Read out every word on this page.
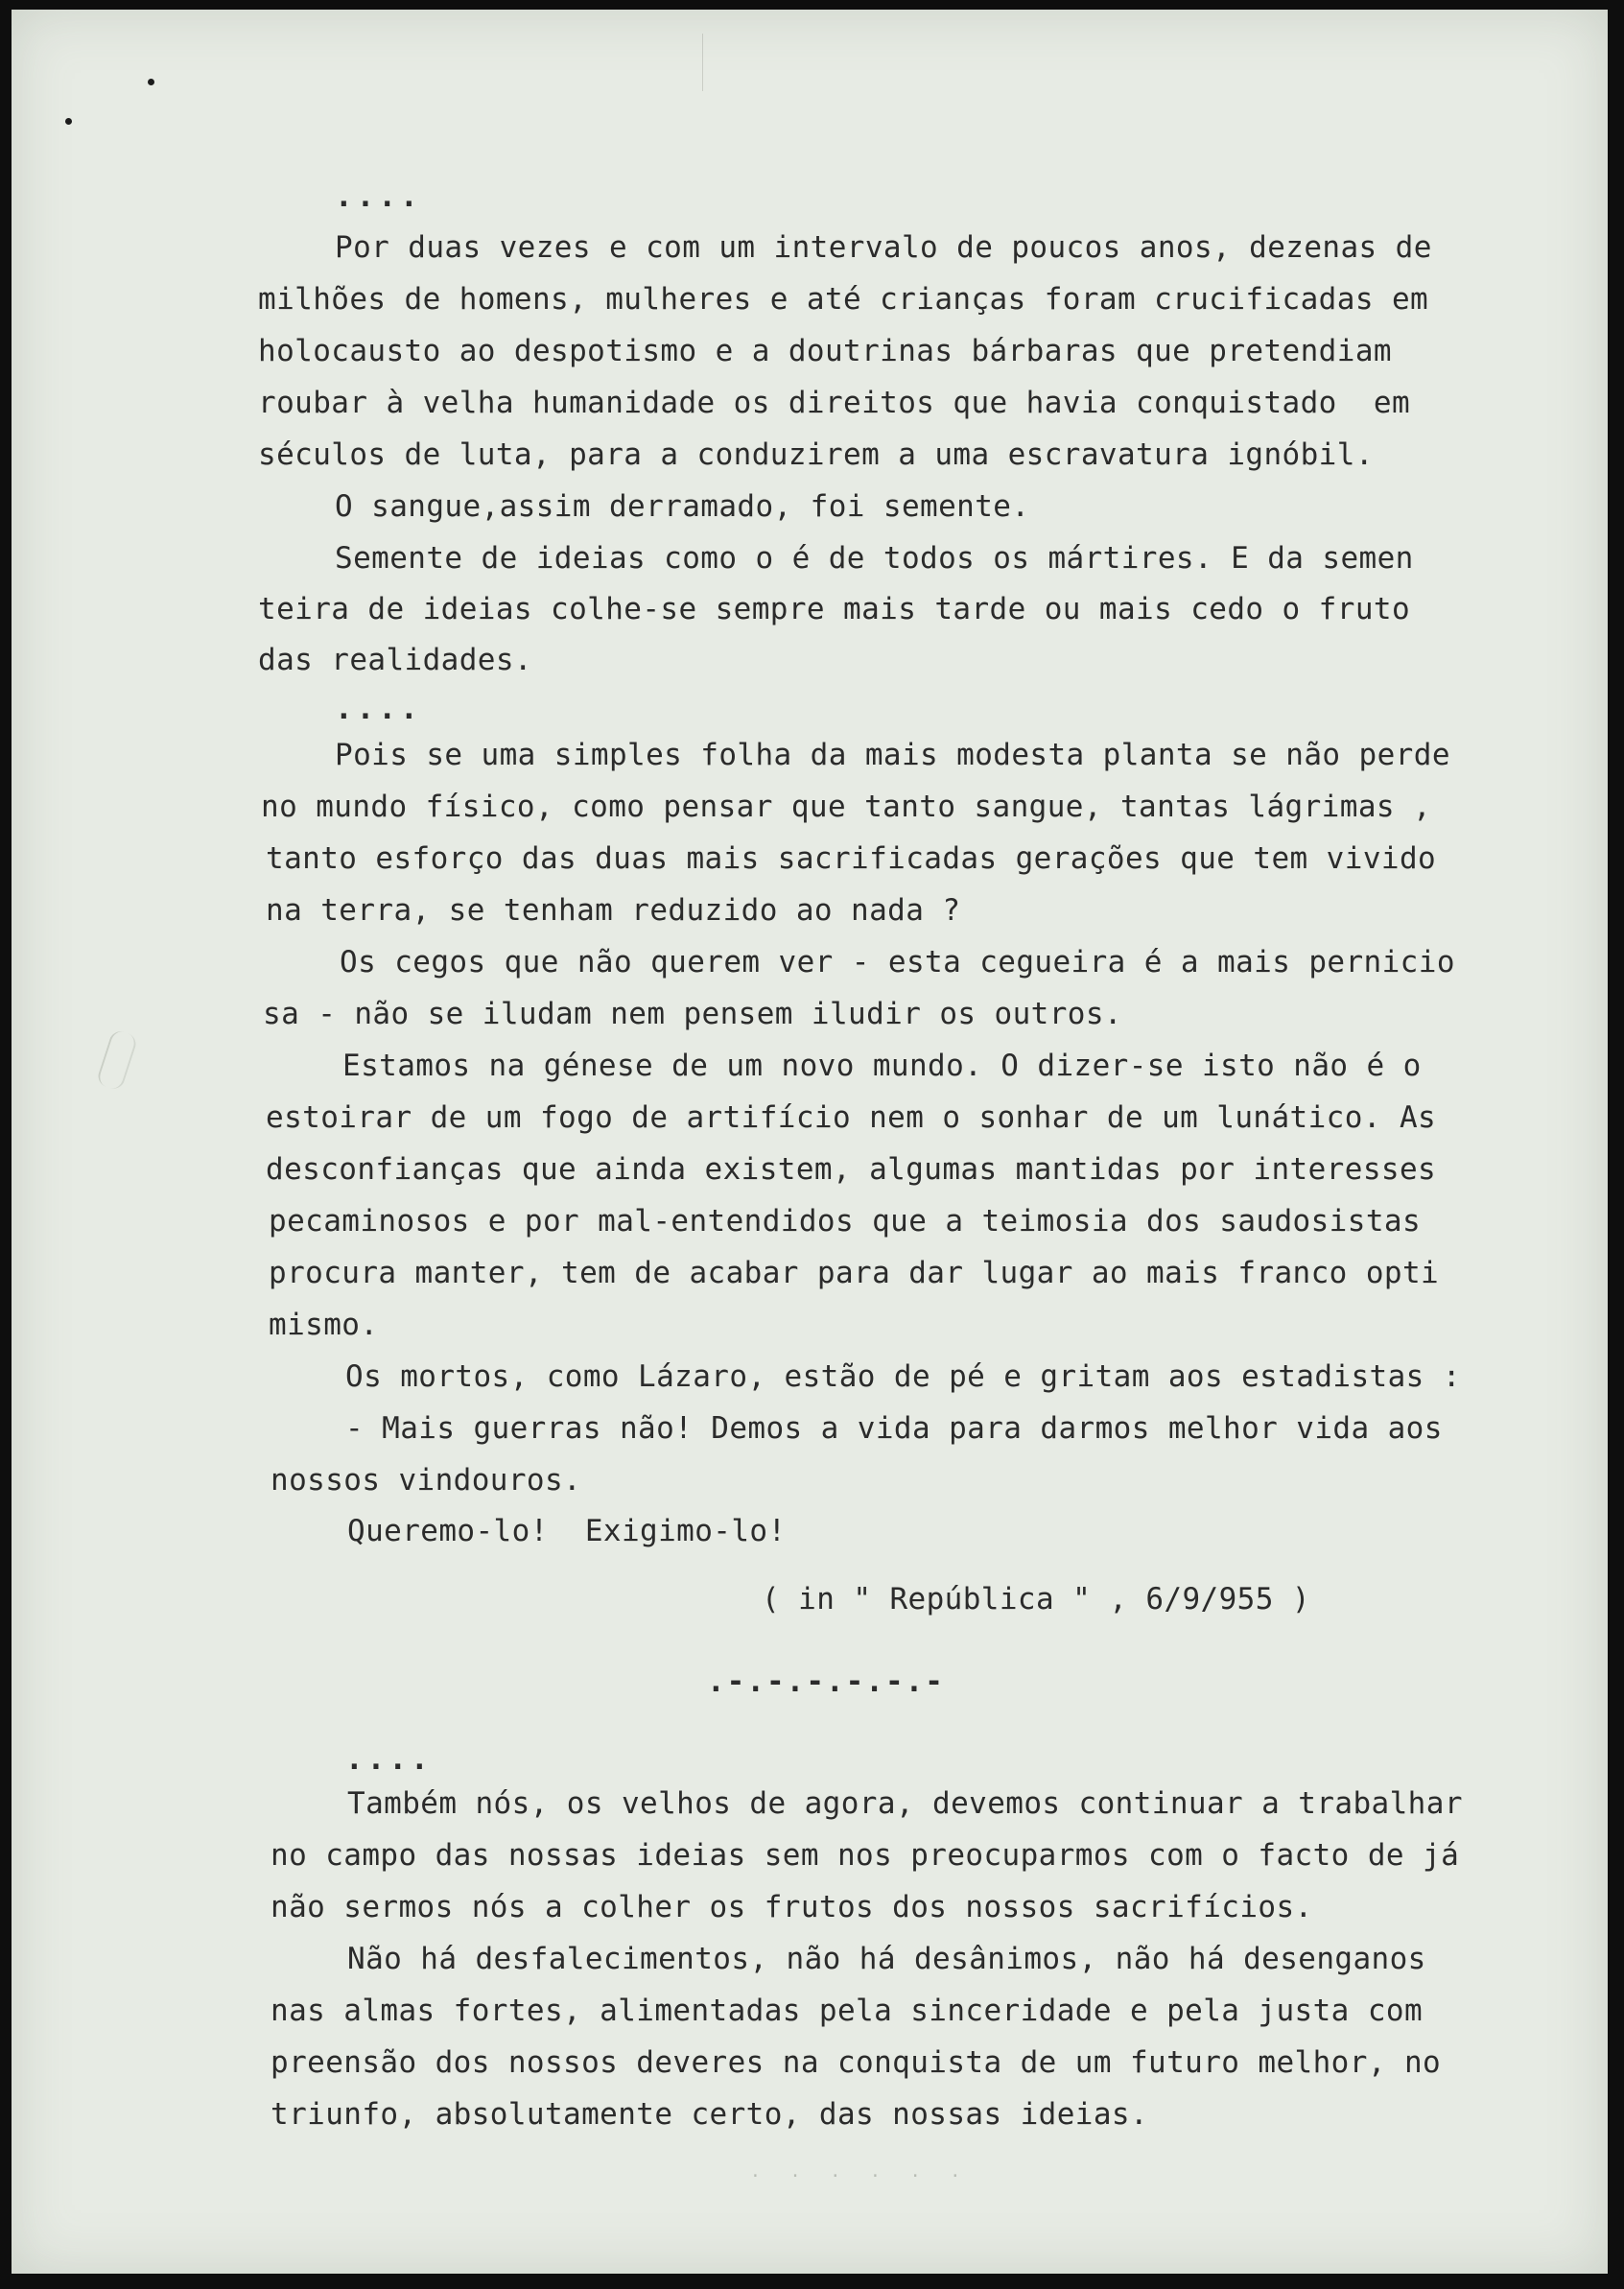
....
Por duas vezes e com um intervalo de poucos anos, dezenas de
milhões de homens, mulheres e até crianças foram crucificadas em
holocausto ao despotismo e a doutrinas bárbaras que pretendiam
roubar à velha humanidade os direitos que havia conquistado  em
séculos de luta, para a conduzirem a uma escravatura ignóbil.
O sangue,assim derramado, foi semente.
Semente de ideias como o é de todos os mártires. E da semen
teira de ideias colhe-se sempre mais tarde ou mais cedo o fruto
das realidades.
....
Pois se uma simples folha da mais modesta planta se não perde
no mundo físico, como pensar que tanto sangue, tantas lágrimas ,
tanto esforço das duas mais sacrificadas gerações que tem vivido
na terra, se tenham reduzido ao nada ?
Os cegos que não querem ver - esta cegueira é a mais pernicio
sa - não se iludam nem pensem iludir os outros.
Estamos na génese de um novo mundo. O dizer-se isto não é o
estoirar de um fogo de artifício nem o sonhar de um lunático. As
desconfianças que ainda existem, algumas mantidas por interesses
pecaminosos e por mal-entendidos que a teimosia dos saudosistas
procura manter, tem de acabar para dar lugar ao mais franco opti
mismo.
Os mortos, como Lázaro, estão de pé e gritam aos estadistas :
- Mais guerras não! Demos a vida para darmos melhor vida aos
nossos vindouros.
Queremo-lo!  Exigimo-lo!
( in " República " , 6/9/955 )
.-.-.-.-.-.-
....
Também nós, os velhos de agora, devemos continuar a trabalhar
no campo das nossas ideias sem nos preocuparmos com o facto de já
não sermos nós a colher os frutos dos nossos sacrifícios.
Não há desfalecimentos, não há desânimos, não há desenganos
nas almas fortes, alimentadas pela sinceridade e pela justa com
preensão dos nossos deveres na conquista de um futuro melhor, no
triunfo, absolutamente certo, das nossas ideias.
· · · · · ·
